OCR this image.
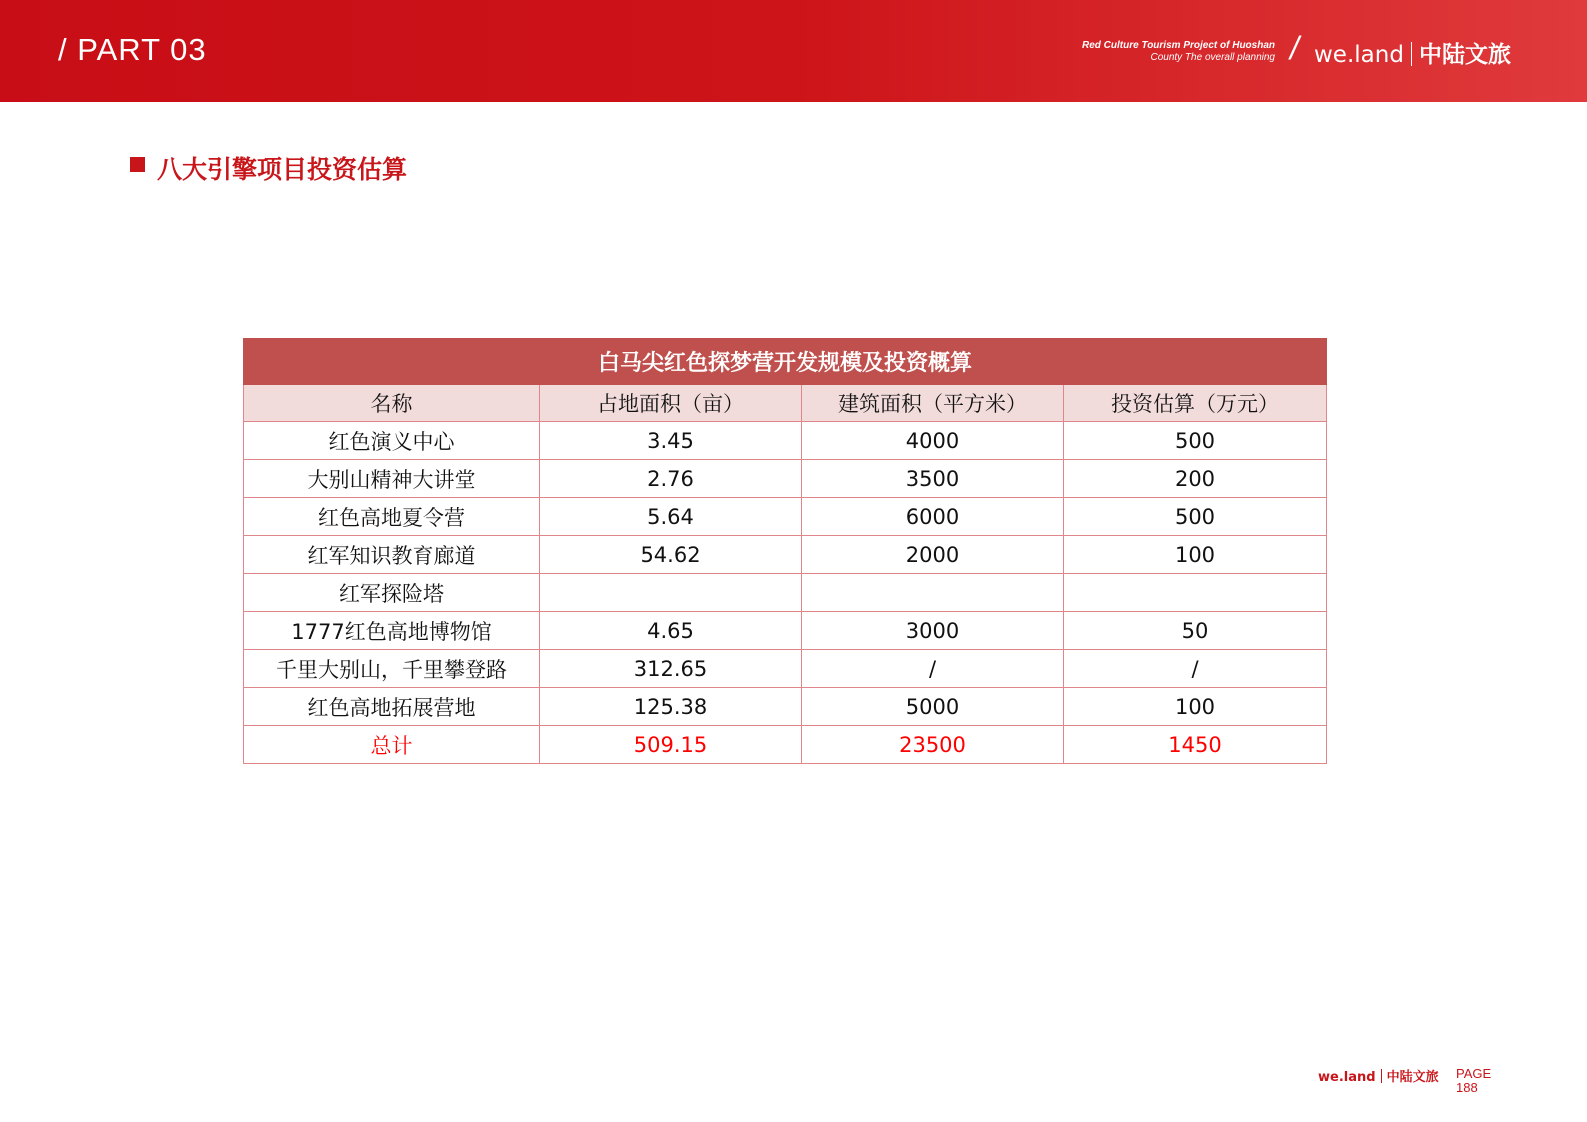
/ PART 03	Red Culture Tourism Project of Huoshan
County The overall planning / we.land 中陆文旅
八大引擎项目投资估算
白马尖红色探梦营开发规模及投资概算			
名称	占地面积（亩）	建筑面积（平方米）	投资估算（万元）
红色演义中心	3.45	4000	500
大别山精神大讲堂	2.76	3500	200
红色高地夏令营	5.64	6000	500
红军知识教育廊道	54.62	2000	100
红军探险塔			
1777红色高地博物馆	4.65	3000	50
千里大别山，千里攀登路	312.65	/	/
红色高地拓展营地	125.38	5000	100
总计	509.15	23500	1450
we.land 中陆文旅 PAGE
188
